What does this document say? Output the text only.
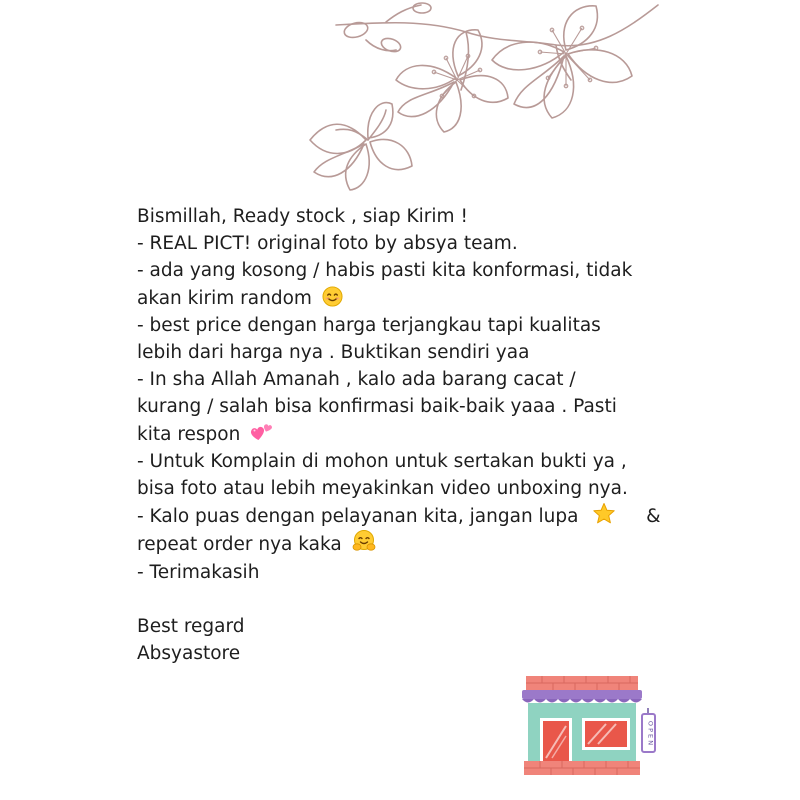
Bismillah, Ready stock , siap Kirim !
- REAL PICT! original foto by absya team.
- ada yang kosong / habis pasti kita konformasi, tidak
akan kirim random
- best price dengan harga terjangkau tapi kualitas
lebih dari harga nya . Buktikan sendiri yaa
- In sha Allah Amanah , kalo ada barang cacat /
kurang / salah bisa konfirmasi baik-baik yaaa . Pasti
kita respon
- Untuk Komplain di mohon untuk sertakan bukti ya ,
bisa foto atau lebih meyakinkan video unboxing nya.
- Kalo puas dengan pelayanan kita, jangan lupa	&
repeat order nya kaka
- Terimakasih
Best regard
Absyastore
O P E N
